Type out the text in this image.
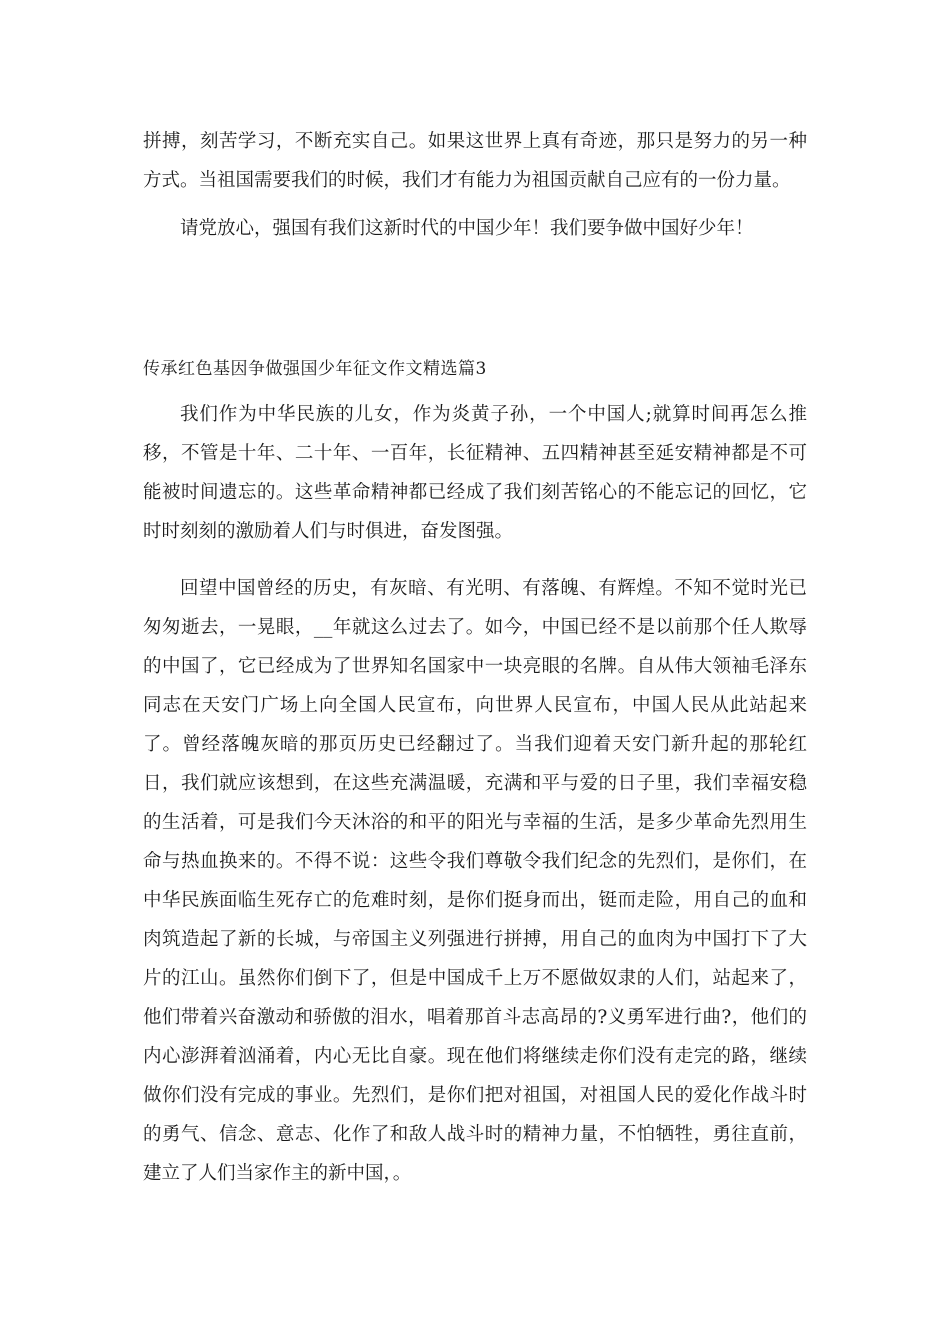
拼搏，刻苦学习，不断充实自己。如果这世界上真有奇迹，那只是努力的另一种方式。当祖国需要我们的时候，我们才有能力为祖国贡献自己应有的一份力量。

请党放心，强国有我们这新时代的中国少年！我们要争做中国好少年！

传承红色基因争做强国少年征文作文精选篇3

我们作为中华民族的儿女，作为炎黄子孙，一个中国人;就算时间再怎么推移，不管是十年、二十年、一百年，长征精神、五四精神甚至延安精神都是不可能被时间遗忘的。这些革命精神都已经成了我们刻苦铭心的不能忘记的回忆，它时时刻刻的激励着人们与时俱进，奋发图强。

回望中国曾经的历史，有灰暗、有光明、有落魄、有辉煌。不知不觉时光已匆匆逝去，一晃眼，__年就这么过去了。如今，中国已经不是以前那个任人欺辱的中国了，它已经成为了世界知名国家中一块亮眼的名牌。自从伟大领袖毛泽东同志在天安门广场上向全国人民宣布，向世界人民宣布，中国人民从此站起来了。曾经落魄灰暗的那页历史已经翻过了。当我们迎着天安门新升起的那轮红日，我们就应该想到，在这些充满温暖，充满和平与爱的日子里，我们幸福安稳的生活着，可是我们今天沐浴的和平的阳光与幸福的生活，是多少革命先烈用生命与热血换来的。不得不说：这些令我们尊敬令我们纪念的先烈们，是你们，在中华民族面临生死存亡的危难时刻，是你们挺身而出，铤而走险，用自己的血和肉筑造起了新的长城，与帝国主义列强进行拼搏，用自己的血肉为中国打下了大片的江山。虽然你们倒下了，但是中国成千上万不愿做奴隶的人们，站起来了，他们带着兴奋激动和骄傲的泪水，唱着那首斗志高昂的?义勇军进行曲?，他们的内心澎湃着汹涌着，内心无比自豪。现在他们将继续走你们没有走完的路，继续做你们没有完成的事业。先烈们，是你们把对祖国，对祖国人民的爱化作战斗时的勇气、信念、意志、化作了和敌人战斗时的精神力量，不怕牺牲，勇往直前，建立了人们当家作主的新中国，。
